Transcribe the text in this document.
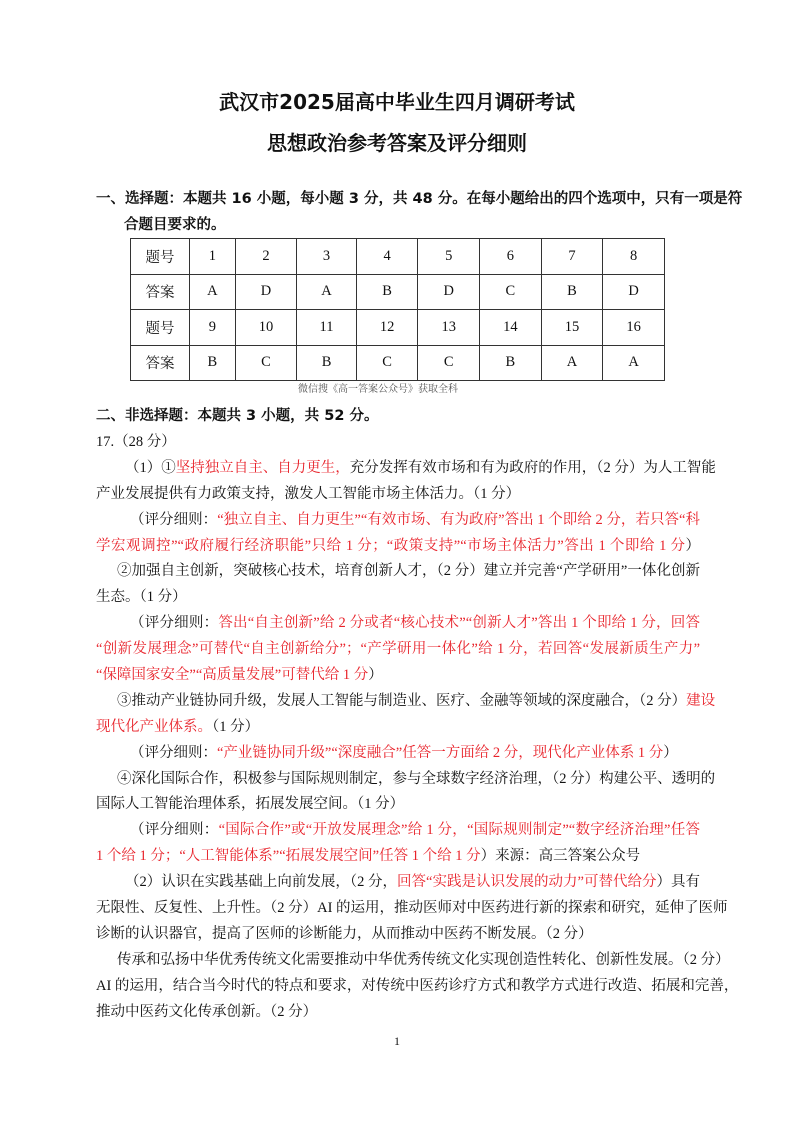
武汉市2025届高中毕业生四月调研考试
思想政治参考答案及评分细则
一、选择题：本题共 16 小题，每小题 3 分，共 48 分。在每小题给出的四个选项中，只有一项是符
合题目要求的。
题号	1	2	3	4	5	6	7	8
答案	A	D	A	B	D	C	B	D
题号	9	10	11	12	13	14	15	16
答案	B	C	B	C	C	B	A	A
微信搜《高一答案公众号》获取全科
二、非选择题：本题共 3 小题，共 52 分。
17.（28 分）
（1）①坚持独立自主、自力更生，充分发挥有效市场和有为政府的作用，（2 分）为人工智能
产业发展提供有力政策支持，激发人工智能市场主体活力。（1 分）
（评分细则：“独立自主、自力更生”“有效市场、有为政府”答出 1 个即给 2 分，若只答“科
学宏观调控”“政府履行经济职能”只给 1 分；“政策支持”“市场主体活力”答出 1 个即给 1 分）
②加强自主创新，突破核心技术，培育创新人才，（2 分）建立并完善“产学研用”一体化创新
生态。（1 分）
（评分细则：答出“自主创新”给 2 分或者“核心技术”“创新人才”答出 1 个即给 1 分，回答
“创新发展理念”可替代“自主创新给分”；“产学研用一体化”给 1 分，若回答“发展新质生产力”
“保障国家安全”“高质量发展”可替代给 1 分）
③推动产业链协同升级，发展人工智能与制造业、医疗、金融等领域的深度融合，（2 分）建设
现代化产业体系。（1 分）
（评分细则：“产业链协同升级”“深度融合”任答一方面给 2 分，现代化产业体系 1 分）
④深化国际合作，积极参与国际规则制定，参与全球数字经济治理，（2 分）构建公平、透明的
国际人工智能治理体系，拓展发展空间。（1 分）
（评分细则：“国际合作”或“开放发展理念”给 1 分，“国际规则制定”“数字经济治理”任答
1 个给 1 分；“人工智能体系”“拓展发展空间”任答 1 个给 1 分）来源：高三答案公众号
（2）认识在实践基础上向前发展，（2 分，回答“实践是认识发展的动力”可替代给分）具有
无限性、反复性、上升性。（2 分）AI 的运用，推动医师对中医药进行新的探索和研究，延伸了医师
诊断的认识器官，提高了医师的诊断能力，从而推动中医药不断发展。（2 分）
传承和弘扬中华优秀传统文化需要推动中华优秀传统文化实现创造性转化、创新性发展。（2 分）
AI 的运用，结合当今时代的特点和要求，对传统中医药诊疗方式和教学方式进行改造、拓展和完善，
推动中医药文化传承创新。（2 分）
1
